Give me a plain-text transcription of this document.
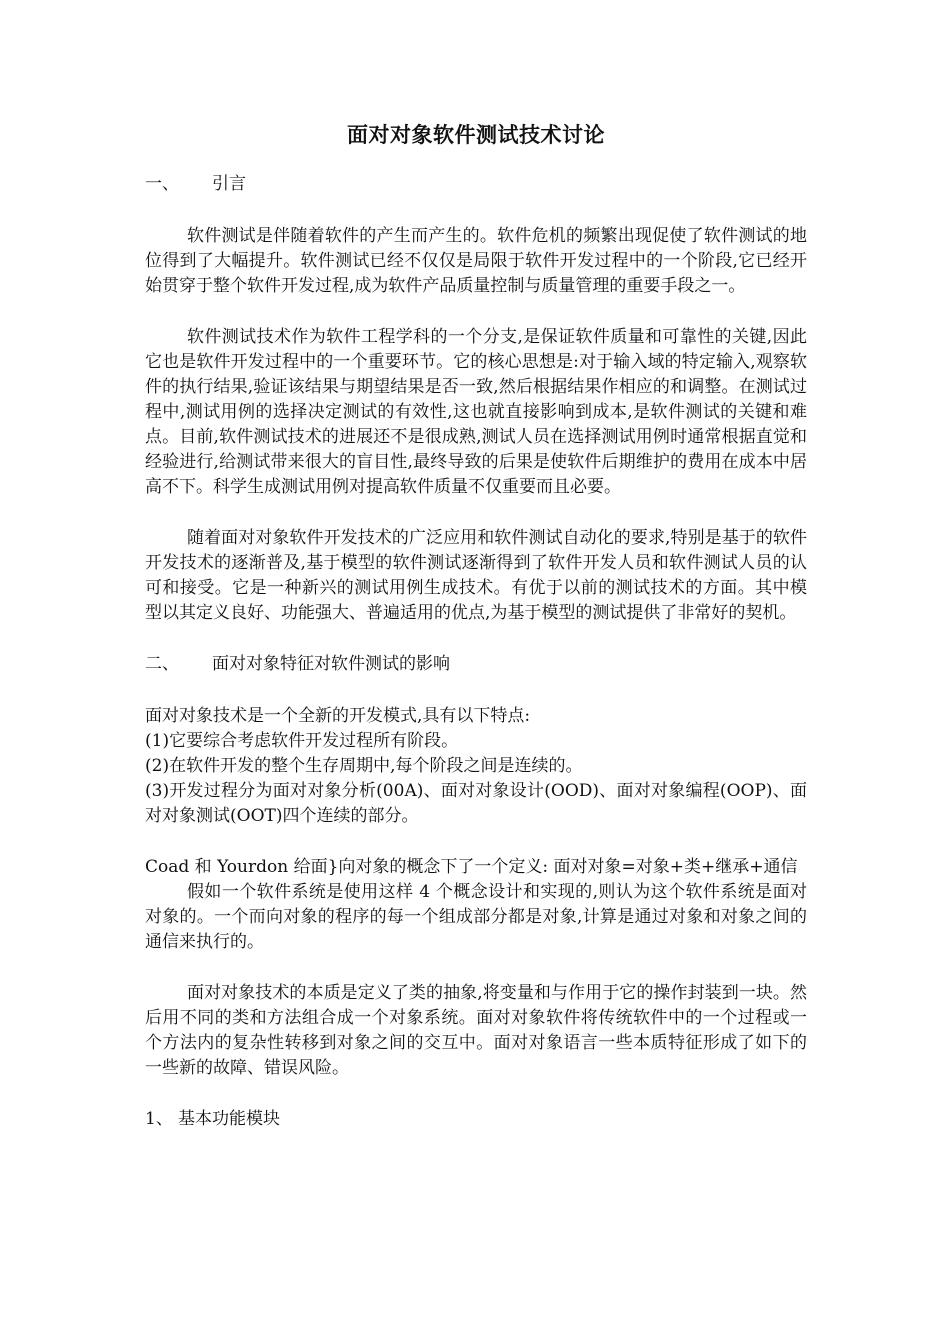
面对对象软件测试技术讨论
一、 引言

软件测试是伴随着软件的产生而产生的。软件危机的频繁出现促使了软件测试的地位得到了大幅提升。软件测试已经不仅仅是局限于软件开发过程中的一个阶段,它已经开始贯穿于整个软件开发过程,成为软件产品质量控制与质量管理的重要手段之一。

软件测试技术作为软件工程学科的一个分支,是保证软件质量和可靠性的关键,因此它也是软件开发过程中的一个重要环节。它的核心思想是:对于输入域的特定输入,观察软件的执行结果,验证该结果与期望结果是否一致,然后根据结果作相应的和调整。在测试过程中,测试用例的选择决定测试的有效性,这也就直接影响到成本,是软件测试的关键和难点。目前,软件测试技术的进展还不是很成熟,测试人员在选择测试用例时通常根据直觉和经验进行,给测试带来很大的盲目性,最终导致的后果是使软件后期维护的费用在成本中居高不下。科学生成测试用例对提高软件质量不仅重要而且必要。

随着面对对象软件开发技术的广泛应用和软件测试自动化的要求,特别是基于的软件开发技术的逐渐普及,基于模型的软件测试逐渐得到了软件开发人员和软件测试人员的认可和接受。它是一种新兴的测试用例生成技术。有优于以前的测试技术的方面。其中模型以其定义良好、功能强大、普遍适用的优点,为基于模型的测试提供了非常好的契机。

二、 面对对象特征对软件测试的影响
面对对象技术是一个全新的开发模式,具有以下特点:
(1)它要综合考虑软件开发过程所有阶段。
(2)在软件开发的整个生存周期中,每个阶段之间是连续的。
(3)开发过程分为面对对象分析(00A)、面对对象设计(OOD)、面对对象编程(OOP)、面对对象测试(OOT)四个连续的部分。

Coad 和 Yourdon 给面}向对象的概念下了一个定义: 面对对象=对象+类+继承+通信

假如一个软件系统是使用这样 4 个概念设计和实现的,则认为这个软件系统是面对对象的。一个而向对象的程序的每一个组成部分都是对象,计算是通过对象和对象之间的通信来执行的。

面对对象技术的本质是定义了类的抽象,将变量和与作用于它的操作封装到一块。然后用不同的类和方法组合成一个对象系统。面对对象软件将传统软件中的一个过程或一个方法内的复杂性转移到对象之间的交互中。面对对象语言一些本质特征形成了如下的一些新的故障、错误风险。

1、 基本功能模块
